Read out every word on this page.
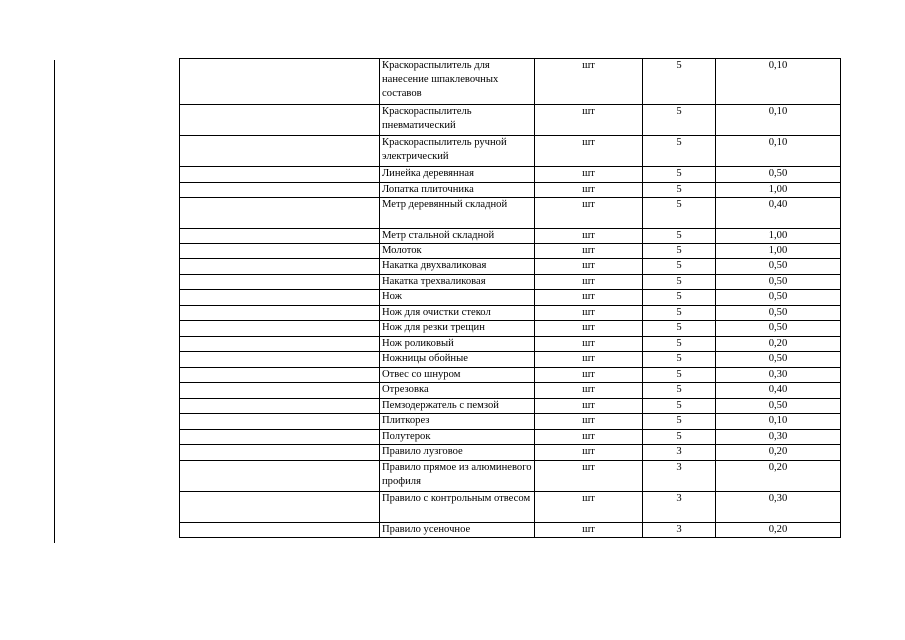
	Краскораспылитель для нанесение шпаклевочных составов	шт	5	0,10
	Краскораспылитель пневматический	шт	5	0,10
	Краскораспылитель ручной электрический	шт	5	0,10
	Линейка деревянная	шт	5	0,50
	Лопатка плиточника	шт	5	1,00
	Метр деревянный складной	шт	5	0,40
	Метр стальной складной	шт	5	1,00
	Молоток	шт	5	1,00
	Накатка двухваликовая	шт	5	0,50
	Накатка трехваликовая	шт	5	0,50
	Нож	шт	5	0,50
	Нож для очистки стекол	шт	5	0,50
	Нож для резки трещин	шт	5	0,50
	Нож роликовый	шт	5	0,20
	Ножницы обойные	шт	5	0,50
	Отвес со шнуром	шт	5	0,30
	Отрезовка	шт	5	0,40
	Пемзодержатель с пемзой	шт	5	0,50
	Плиткорез	шт	5	0,10
	Полутерок	шт	5	0,30
	Правило лузговое	шт	3	0,20
	Правило прямое из алюминевого профиля	шт	3	0,20
	Правило с контрольным отвесом	шт	3	0,30
	Правило усеночное	шт	3	0,20
